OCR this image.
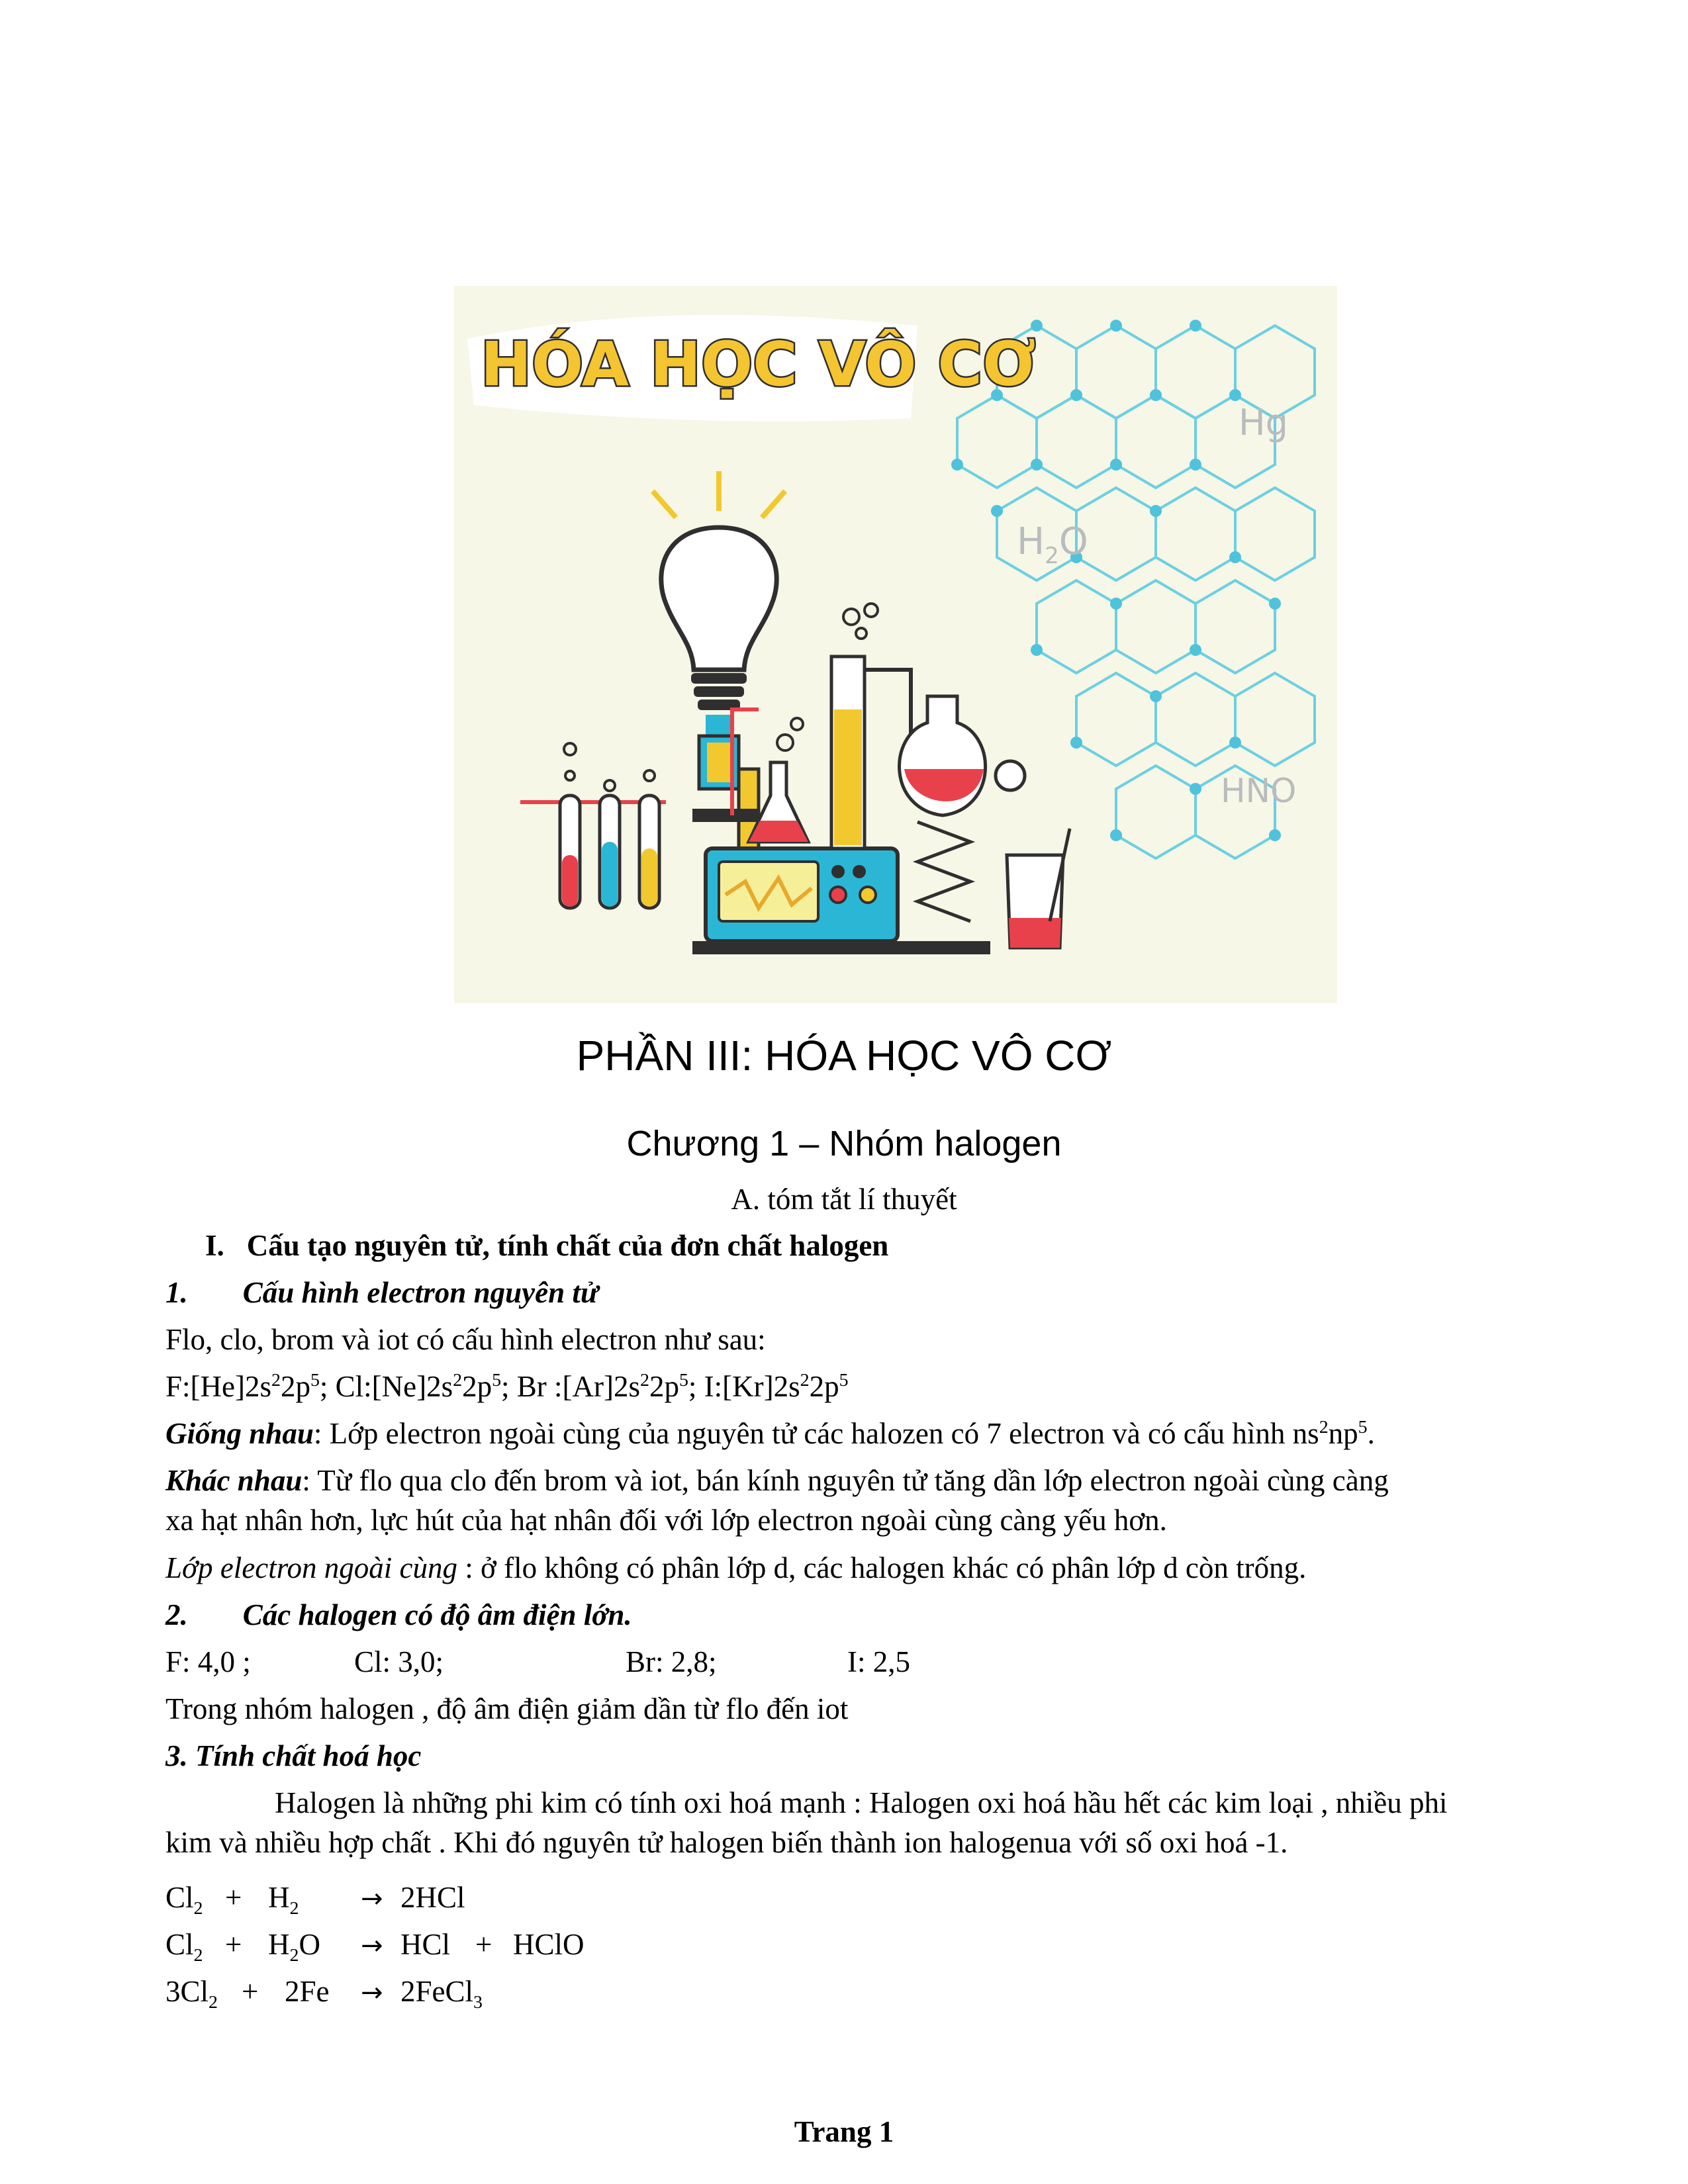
Hg
$H_2O$
HNO
HÓA HỌC VÔ CƠ
PHẦN III: HÓA HỌC VÔ CƠ
Chương 1 – Nhóm halogen
A. tóm tắt lí thuyết
I. Cấu tạo nguyên tử, tính chất của đơn chất halogen
1. Cấu hình electron nguyên tử
Flo, clo, brom và iot có cấu hình electron như sau:
$F:[He]2s^22p^5$; $Cl:[Ne]2s^22p^5$; Br $:[Ar]2s^22p^5$; $I:[Kr]2s^22p^5$
Giống nhau: Lớp electron ngoài cùng của nguyên tử các halozen có 7 electron và có cấu hình $ns^2np^5$.
Khác nhau: Từ flo qua clo đến brom và iot, bán kính nguyên tử tăng dần lớp electron ngoài cùng càng
xa hạt nhân hơn, lực hút của hạt nhân đối với lớp electron ngoài cùng càng yếu hơn.
Lớp electron ngoài cùng : ở flo không có phân lớp d, các halogen khác có phân lớp d còn trống.
2. Các halogen có độ âm điện lớn.
F: 4,0 ;	Cl: 3,0;	Br: 2,8;	I: 2,5
Trong nhóm halogen , độ âm điện giảm dần từ flo đến iot
3. Tính chất hoá học
Halogen là những phi kim có tính oxi hoá mạnh : Halogen oxi hoá hầu hết các kim loại , nhiều phi
kim và nhiều hợp chất . Khi đó nguyên tử halogen biến thành ion halogenua với số oxi hoá -1.
$Cl_2 + H_2 \to 2HCl$
$Cl_2 + H_2O$ → HCl + HClO
$3Cl_2 + 2Fe$ → 2FeCl$_3$
Trang 1
